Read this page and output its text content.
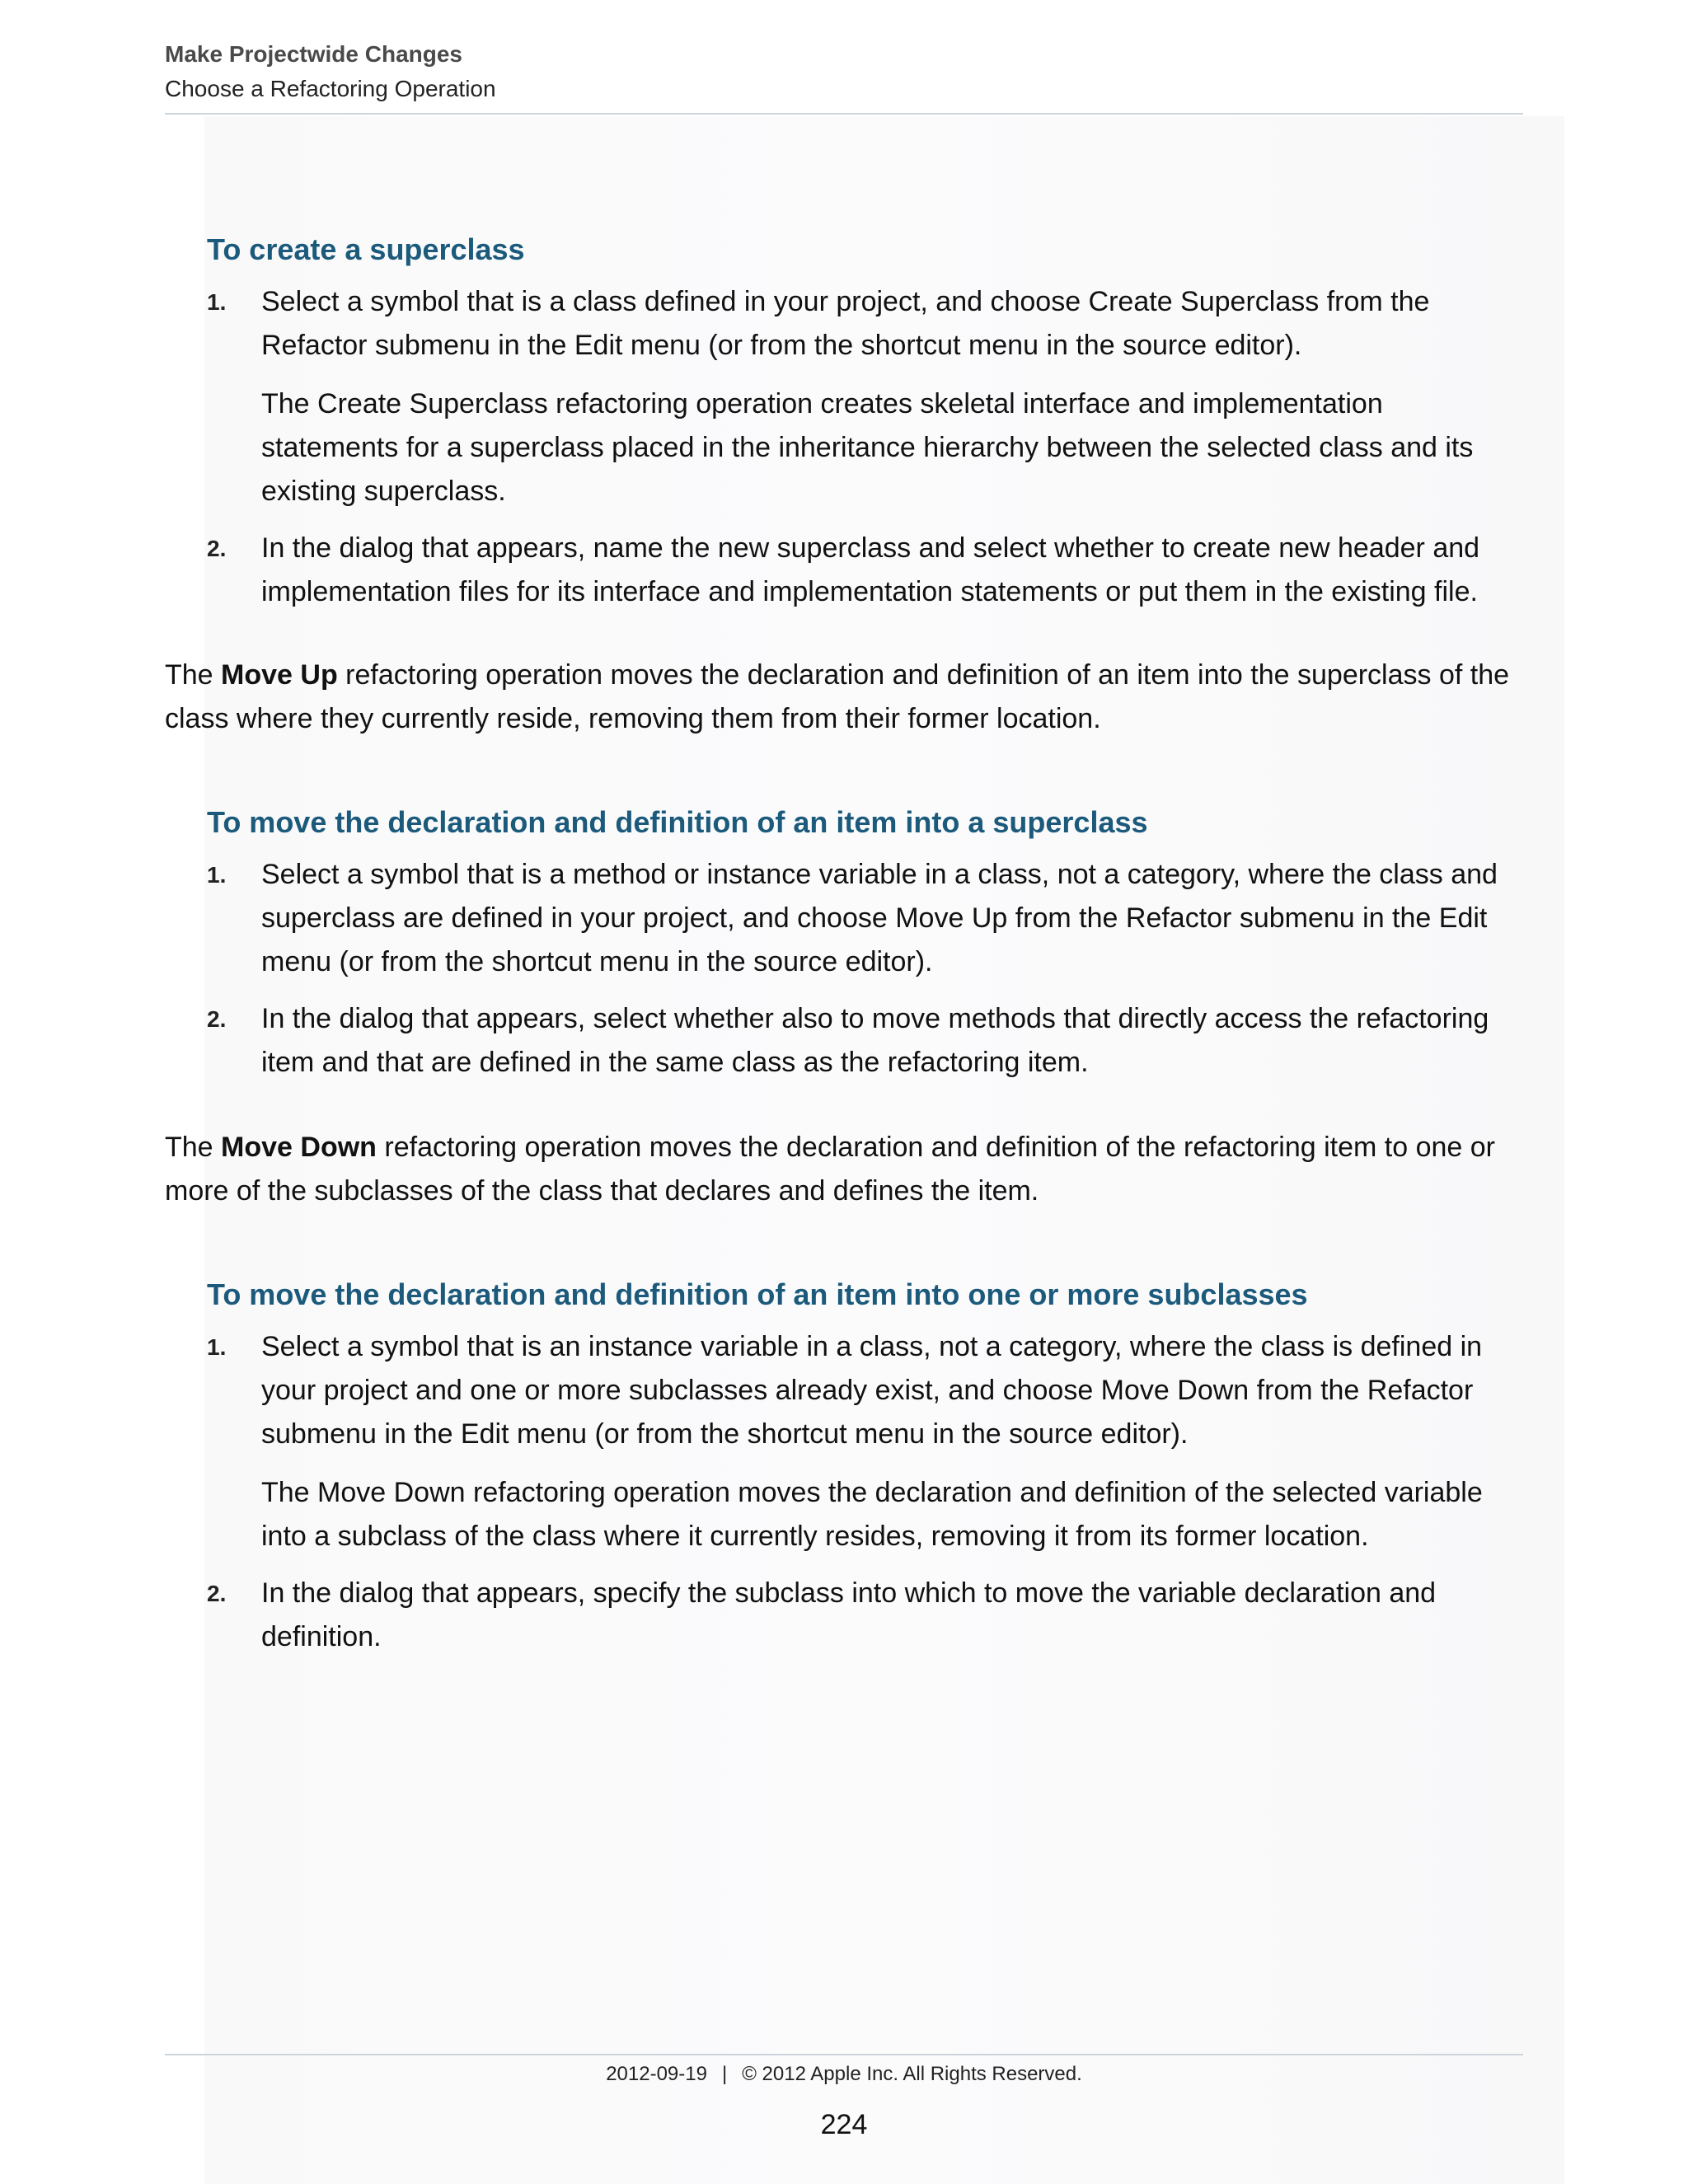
Make Projectwide Changes
Choose a Refactoring Operation
To create a superclass
1. Select a symbol that is a class defined in your project, and choose Create Superclass from the Refactor submenu in the Edit menu (or from the shortcut menu in the source editor).

The Create Superclass refactoring operation creates skeletal interface and implementation statements for a superclass placed in the inheritance hierarchy between the selected class and its existing superclass.

2. In the dialog that appears, name the new superclass and select whether to create new header and implementation files for its interface and implementation statements or put them in the existing file.

The Move Up refactoring operation moves the declaration and definition of an item into the superclass of the class where they currently reside, removing them from their former location.

To move the declaration and definition of an item into a superclass
1. Select a symbol that is a method or instance variable in a class, not a category, where the class and superclass are defined in your project, and choose Move Up from the Refactor submenu in the Edit menu (or from the shortcut menu in the source editor).

2. In the dialog that appears, select whether also to move methods that directly access the refactoring item and that are defined in the same class as the refactoring item.

The Move Down refactoring operation moves the declaration and definition of the refactoring item to one or more of the subclasses of the class that declares and defines the item.

To move the declaration and definition of an item into one or more subclasses
1. Select a symbol that is an instance variable in a class, not a category, where the class is defined in your project and one or more subclasses already exist, and choose Move Down from the Refactor submenu in the Edit menu (or from the shortcut menu in the source editor).

The Move Down refactoring operation moves the declaration and definition of the selected variable into a subclass of the class where it currently resides, removing it from its former location.

2. In the dialog that appears, specify the subclass into which to move the variable declaration and definition.

2012-09-19 | © 2012 Apple Inc. All Rights Reserved.
224
